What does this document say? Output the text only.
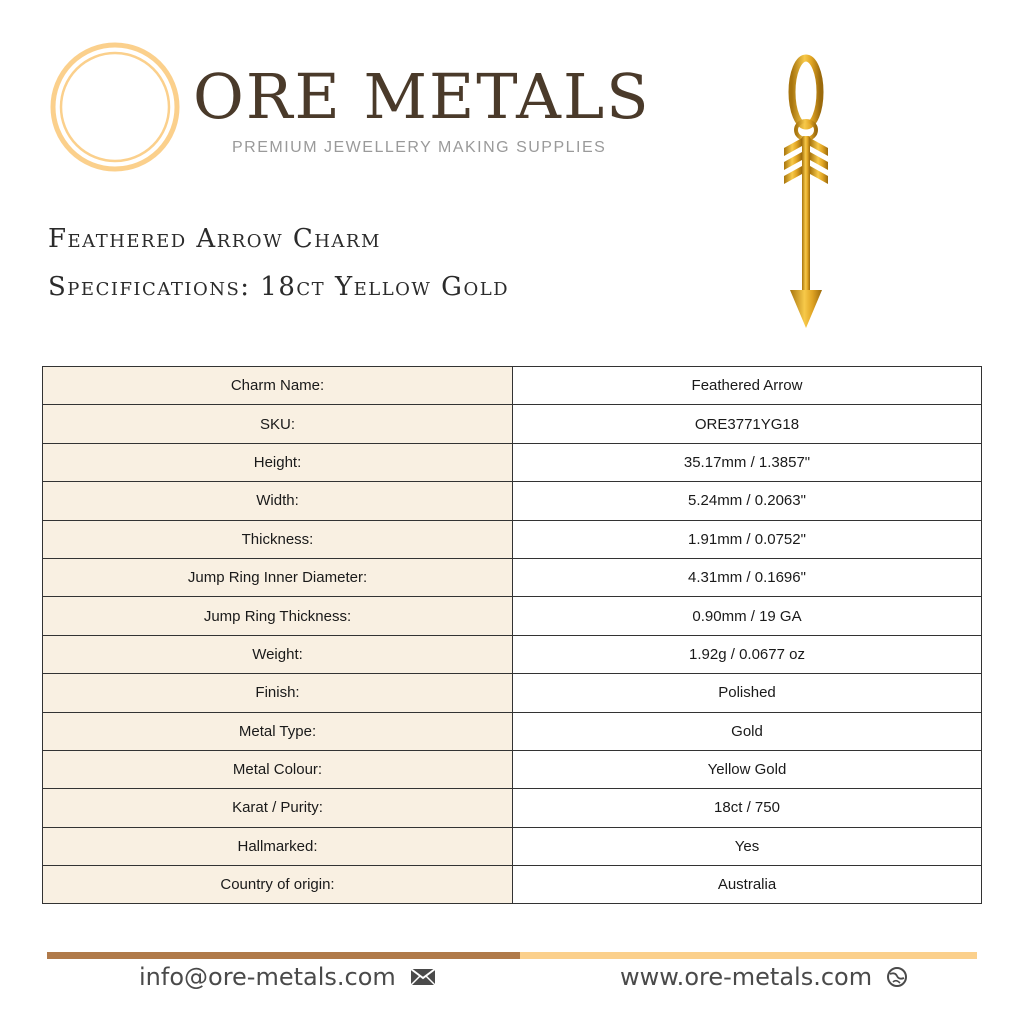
ORE METALS
PREMIUM JEWELLERY MAKING SUPPLIES
Feathered Arrow Charm
Specifications: 18ct Yellow Gold
Charm Name:	Feathered Arrow
SKU:	ORE3771YG18
Height:	35.17mm / 1.3857"
Width:	5.24mm / 0.2063"
Thickness:	1.91mm / 0.0752"
Jump Ring Inner Diameter:	4.31mm / 0.1696"
Jump Ring Thickness:	0.90mm / 19 GA
Weight:	1.92g / 0.0677 oz
Finish:	Polished
Metal Type:	Gold
Metal Colour:	Yellow Gold
Karat / Purity:	18ct / 750
Hallmarked:	Yes
Country of origin:	Australia
info@ore-metals.com	www.ore-metals.com
